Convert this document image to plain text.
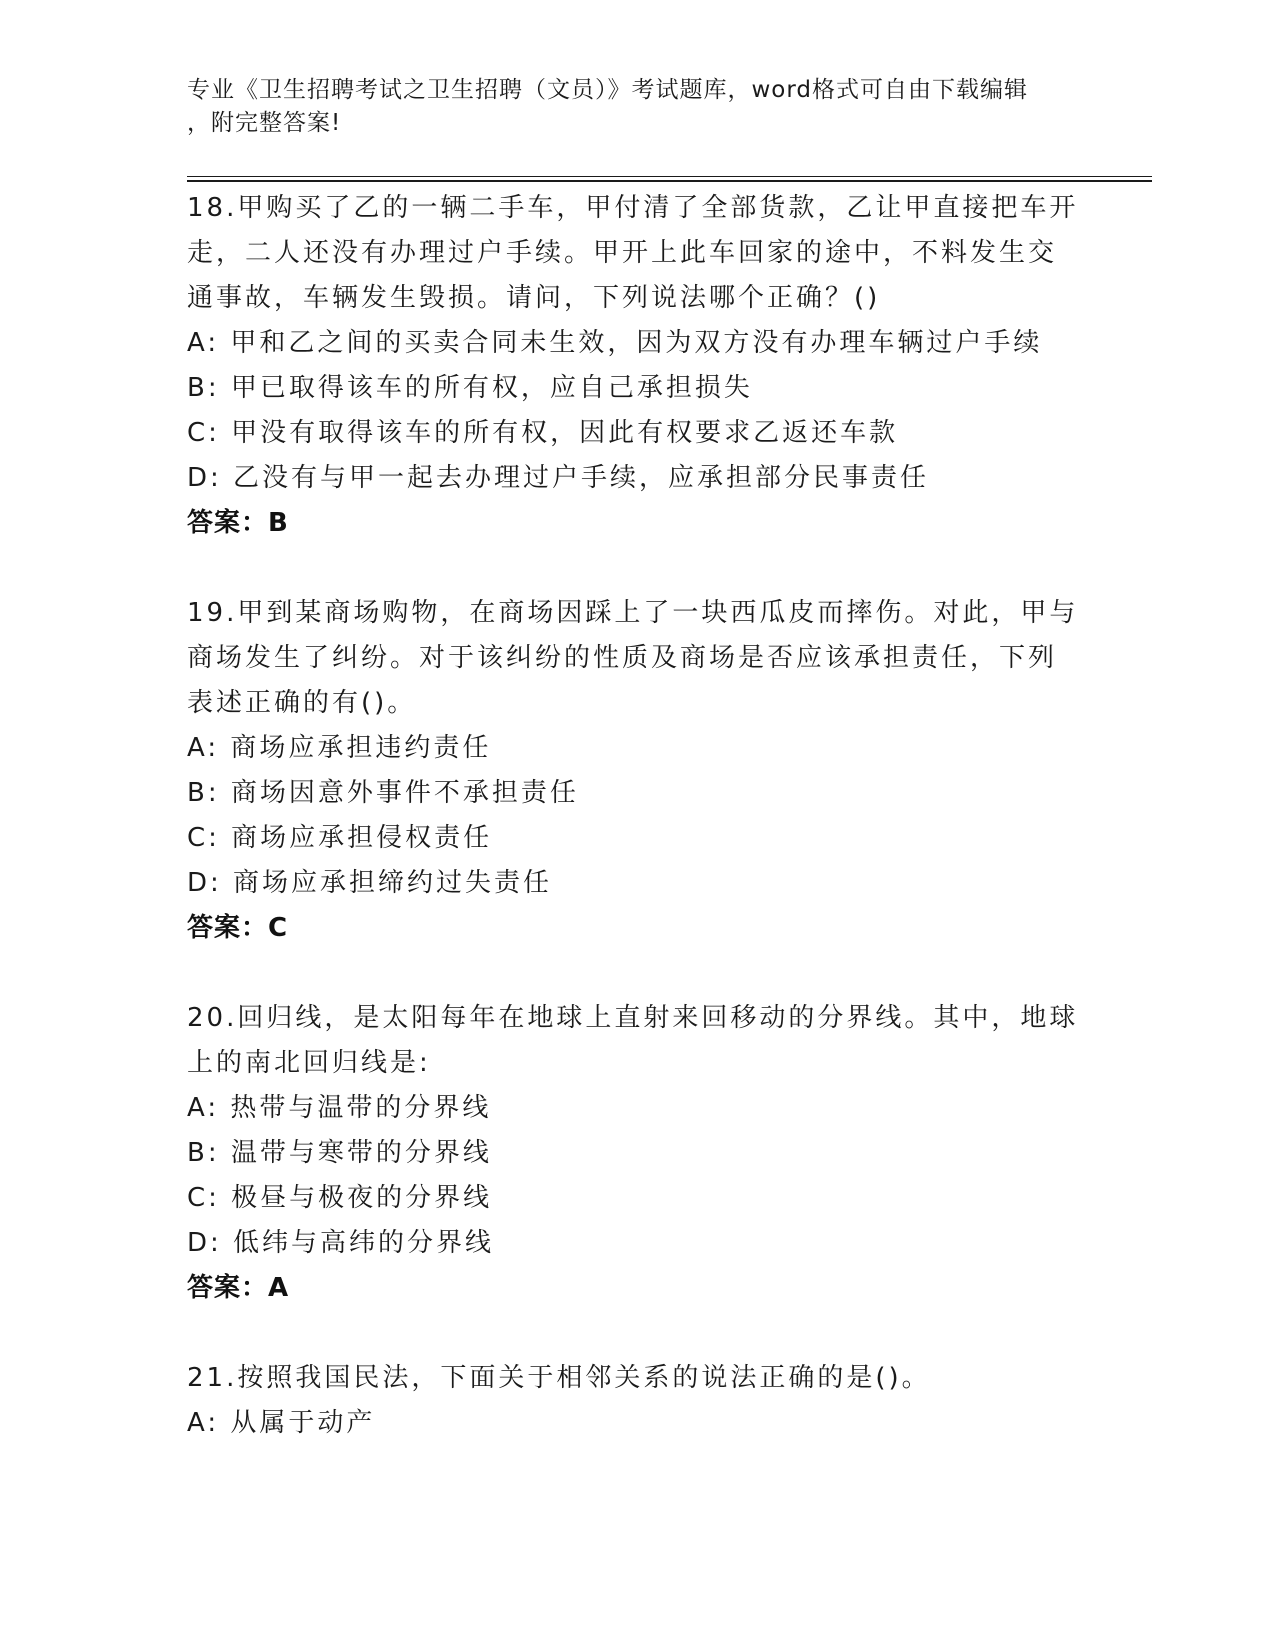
专业《卫生招聘考试之卫生招聘（文员）》考试题库，word格式可自由下载编辑
，附完整答案!

18.甲购买了乙的一辆二手车，甲付清了全部货款，乙让甲直接把车开

走，二人还没有办理过户手续。甲开上此车回家的途中，不料发生交

通事故，车辆发生毁损。请问，下列说法哪个正确？()

A: 甲和乙之间的买卖合同未生效，因为双方没有办理车辆过户手续

B: 甲已取得该车的所有权，应自己承担损失

C: 甲没有取得该车的所有权，因此有权要求乙返还车款

D: 乙没有与甲一起去办理过户手续，应承担部分民事责任

答案：B

19.甲到某商场购物，在商场因踩上了一块西瓜皮而摔伤。对此，甲与

商场发生了纠纷。对于该纠纷的性质及商场是否应该承担责任，下列

表述正确的有()。

A: 商场应承担违约责任

B: 商场因意外事件不承担责任

C: 商场应承担侵权责任

D: 商场应承担缔约过失责任

答案：C

20.回归线，是太阳每年在地球上直射来回移动的分界线。其中，地球

上的南北回归线是:

A: 热带与温带的分界线

B: 温带与寒带的分界线

C: 极昼与极夜的分界线

D: 低纬与高纬的分界线

答案：A

21.按照我国民法，下面关于相邻关系的说法正确的是()。

A: 从属于动产
